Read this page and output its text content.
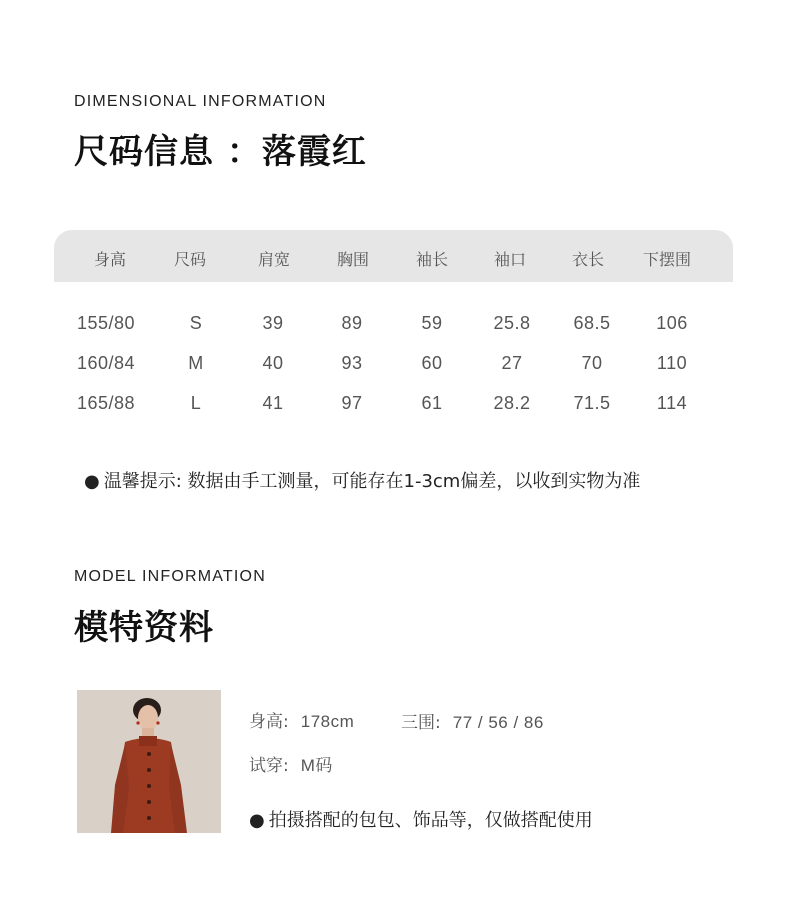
DIMENSIONAL INFORMATION
尺码信息 ：落霞红
身高	尺码	肩宽	胸围	袖长	袖口	衣长	下摆围
155/80	S	39	89	59	25.8	68.5	106
160/84	M	40	93	60	27	70	110
165/88	L	41	97	61	28.2	71.5	114
● 温馨提示: 数据由手工测量，可能存在1-3cm偏差，以收到实物为准
MODEL INFORMATION
模特资料
身高: 178cm	三围: 77 / 56 / 86
试穿: M码
● 拍摄搭配的包包、饰品等，仅做搭配使用
